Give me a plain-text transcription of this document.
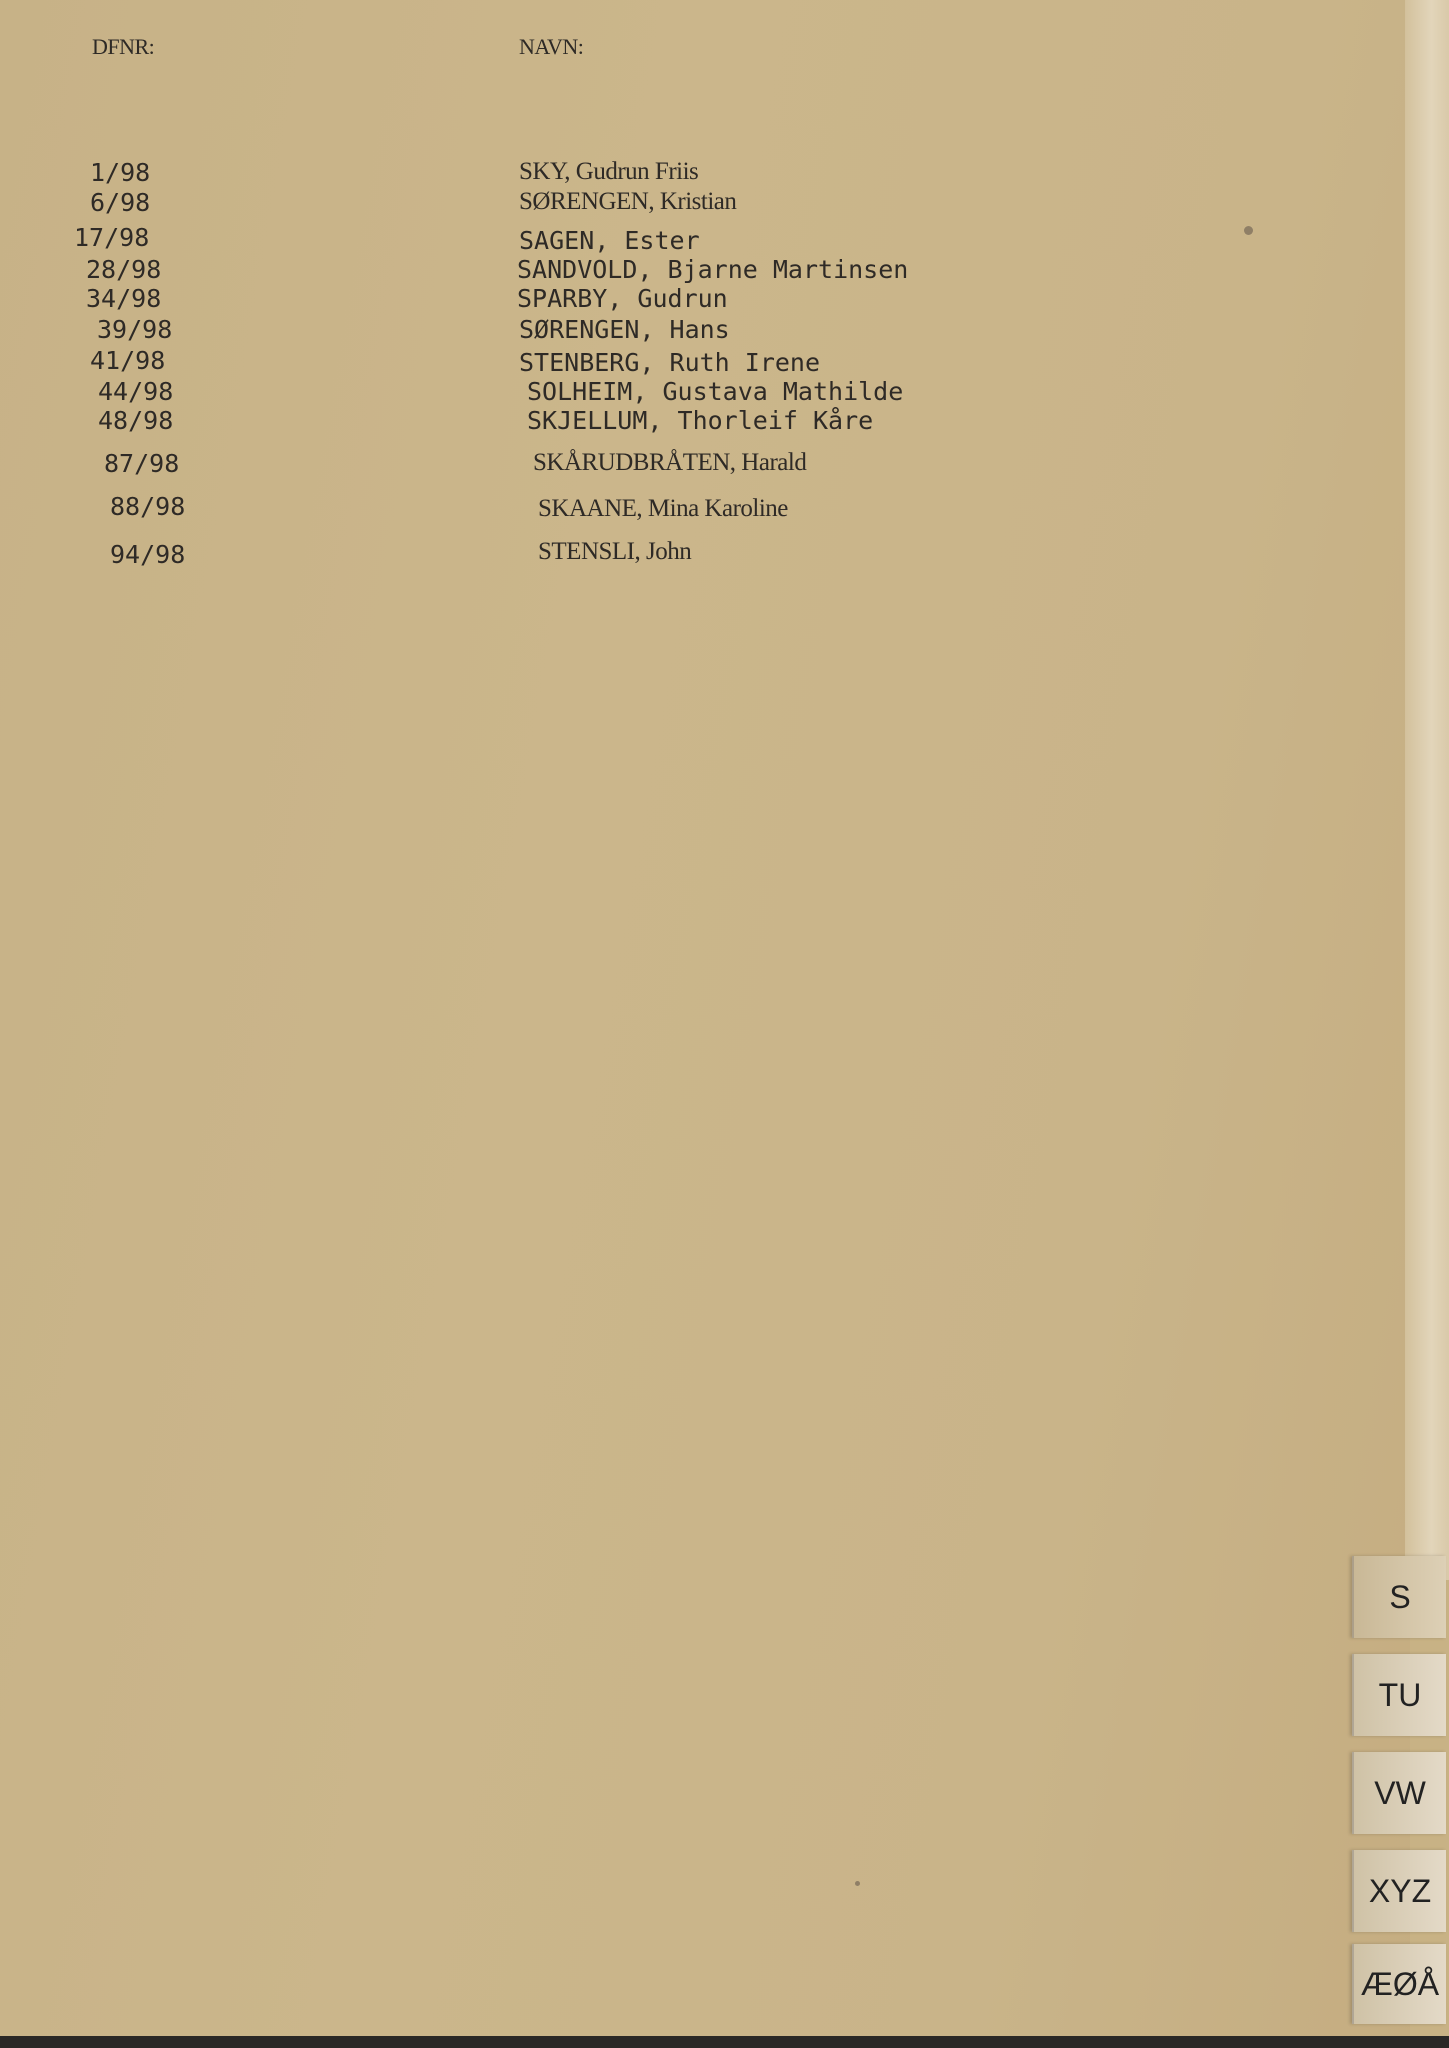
DFNR:	NAVN:
1/98
6/98
17/98
28/98
34/98
39/98
41/98
44/98
48/98
87/98
88/98
94/98
SKY, Gudrun Friis
SØRENGEN, Kristian
SAGEN, Ester
SANDVOLD, Bjarne Martinsen
SPARBY, Gudrun
SØRENGEN, Hans
STENBERG, Ruth Irene
SOLHEIM, Gustava Mathilde
SKJELLUM, Thorleif Kåre
SKÅRUDBRÅTEN, Harald
SKAANE, Mina Karoline
STENSLI, John
S
TU
VW
XYZ
ÆØÅ
